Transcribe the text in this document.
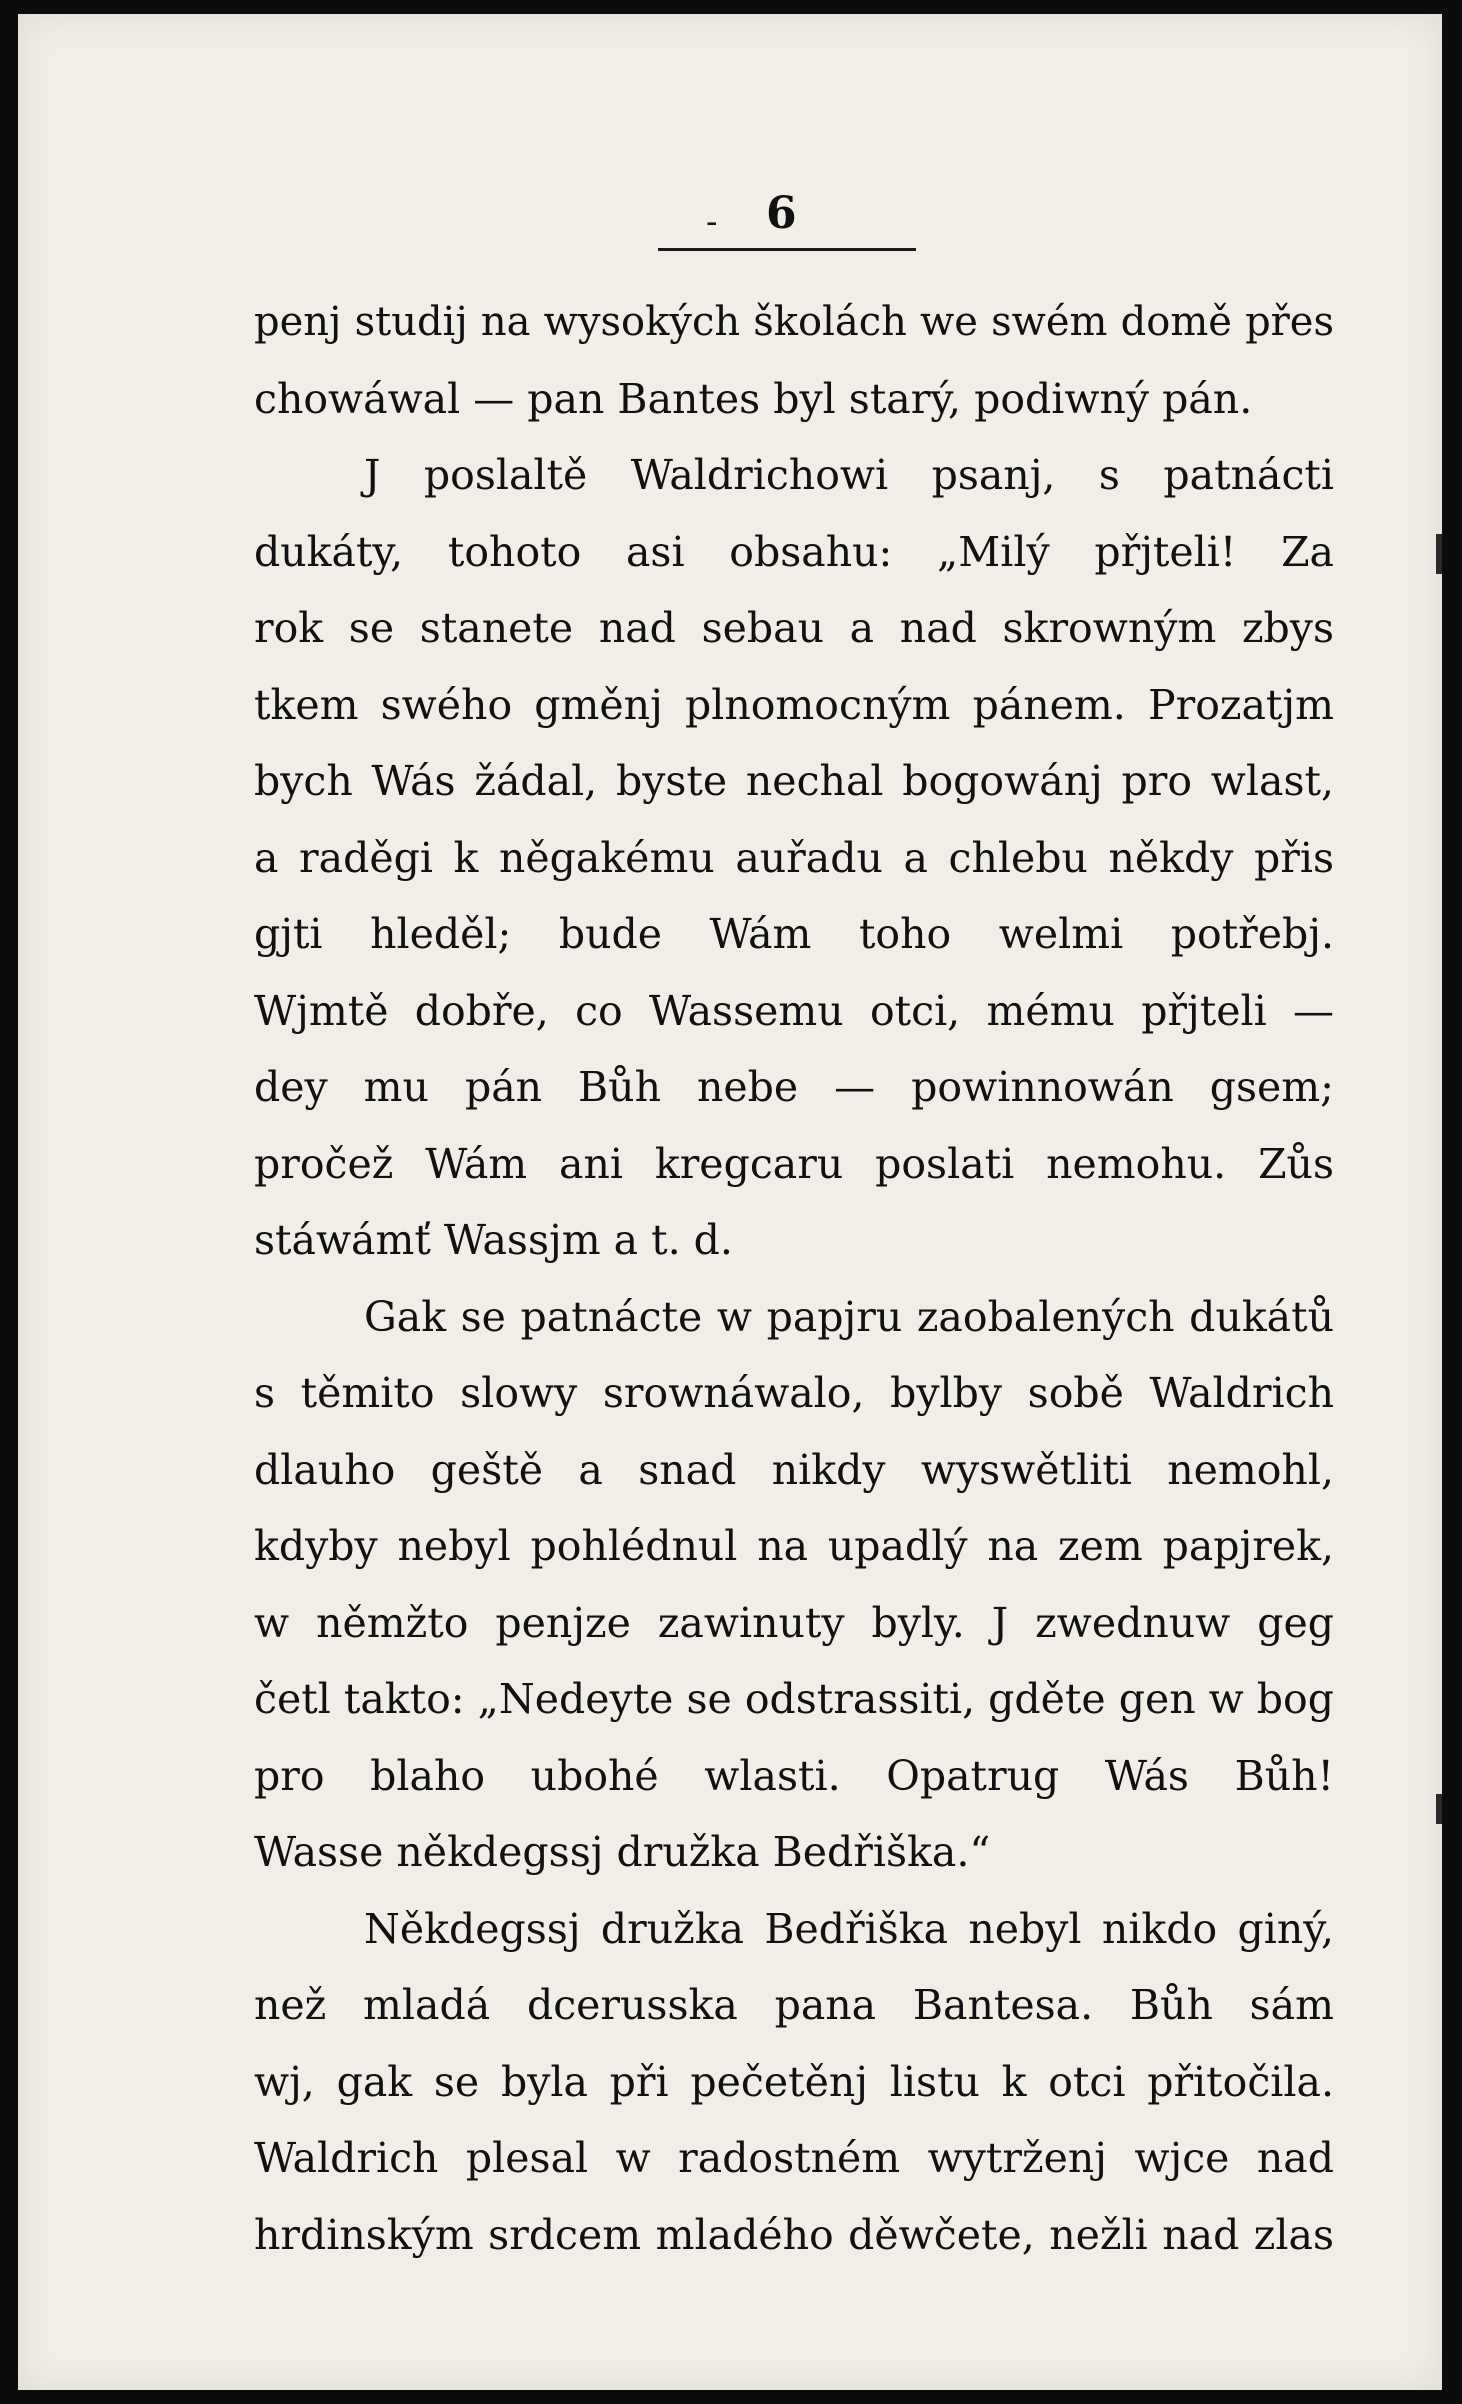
- 6
penj studij na wysokých školách we swém domě přes
chowáwal — pan Bantes byl starý, podiwný pán.
J poslaltě Waldrichowi psanj, s patnácti
dukáty, tohoto asi obsahu: „Milý přjteli! Za
rok se stanete nad sebau a nad skrowným zbys
tkem swého gměnj plnomocným pánem. Prozatjm
bych Wás žádal, byste nechal bogowánj pro wlast,
a raděgi k něgakému auřadu a chlebu někdy přis
gjti hleděl; bude Wám toho welmi potřebj.
Wjmtě dobře, co Wassemu otci, mému přjteli —
dey mu pán Bůh nebe — powinnowán gsem;
pročež Wám ani kregcaru poslati nemohu. Zůs
stáwámť Wassjm a t. d.
Gak se patnácte w papjru zaobalených dukátů
s těmito slowy srownáwalo, bylby sobě Waldrich
dlauho geště a snad nikdy wyswětliti nemohl,
kdyby nebyl pohlédnul na upadlý na zem papjrek,
w němžto penjze zawinuty byly. J zwednuw geg
četl takto: „Nedeyte se odstrassiti, gděte gen w bog
pro blaho ubohé wlasti. Opatrug Wás Bůh!
Wasse někdegssj družka Bedřiška.“
Někdegssj družka Bedřiška nebyl nikdo giný,
než mladá dcerusska pana Bantesa. Bůh sám
wj, gak se byla při pečetěnj listu k otci přitočila.
Waldrich plesal w radostném wytrženj wjce nad
hrdinským srdcem mladého děwčete, nežli nad zlas
